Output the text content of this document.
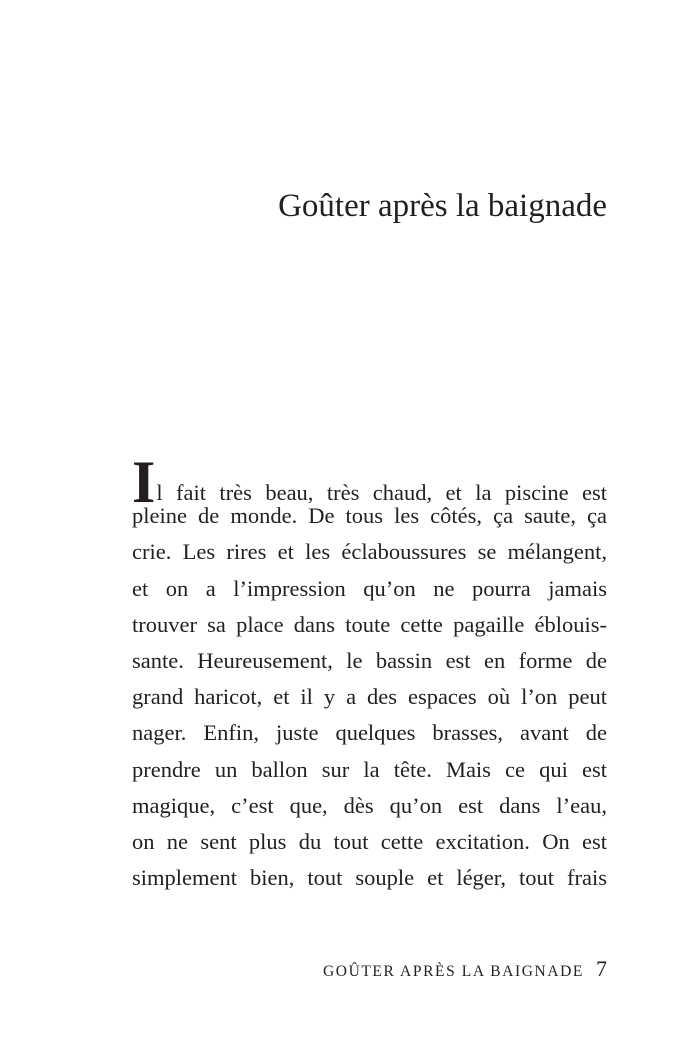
Goûter après la baignade
Il fait très beau, très chaud, et la piscine est
pleine de monde. De tous les côtés, ça saute, ça
crie. Les rires et les éclaboussures se mélangent,
et on a l’impression qu’on ne pourra jamais
trouver sa place dans toute cette pagaille éblouis-
sante. Heureusement, le bassin est en forme de
grand haricot, et il y a des espaces où l’on peut
nager. Enfin, juste quelques brasses, avant de
prendre un ballon sur la tête. Mais ce qui est
magique, c’est que, dès qu’on est dans l’eau,
on ne sent plus du tout cette excitation. On est
simplement bien, tout souple et léger, tout frais
GOÛTER APRÈS LA BAIGNADE 7
